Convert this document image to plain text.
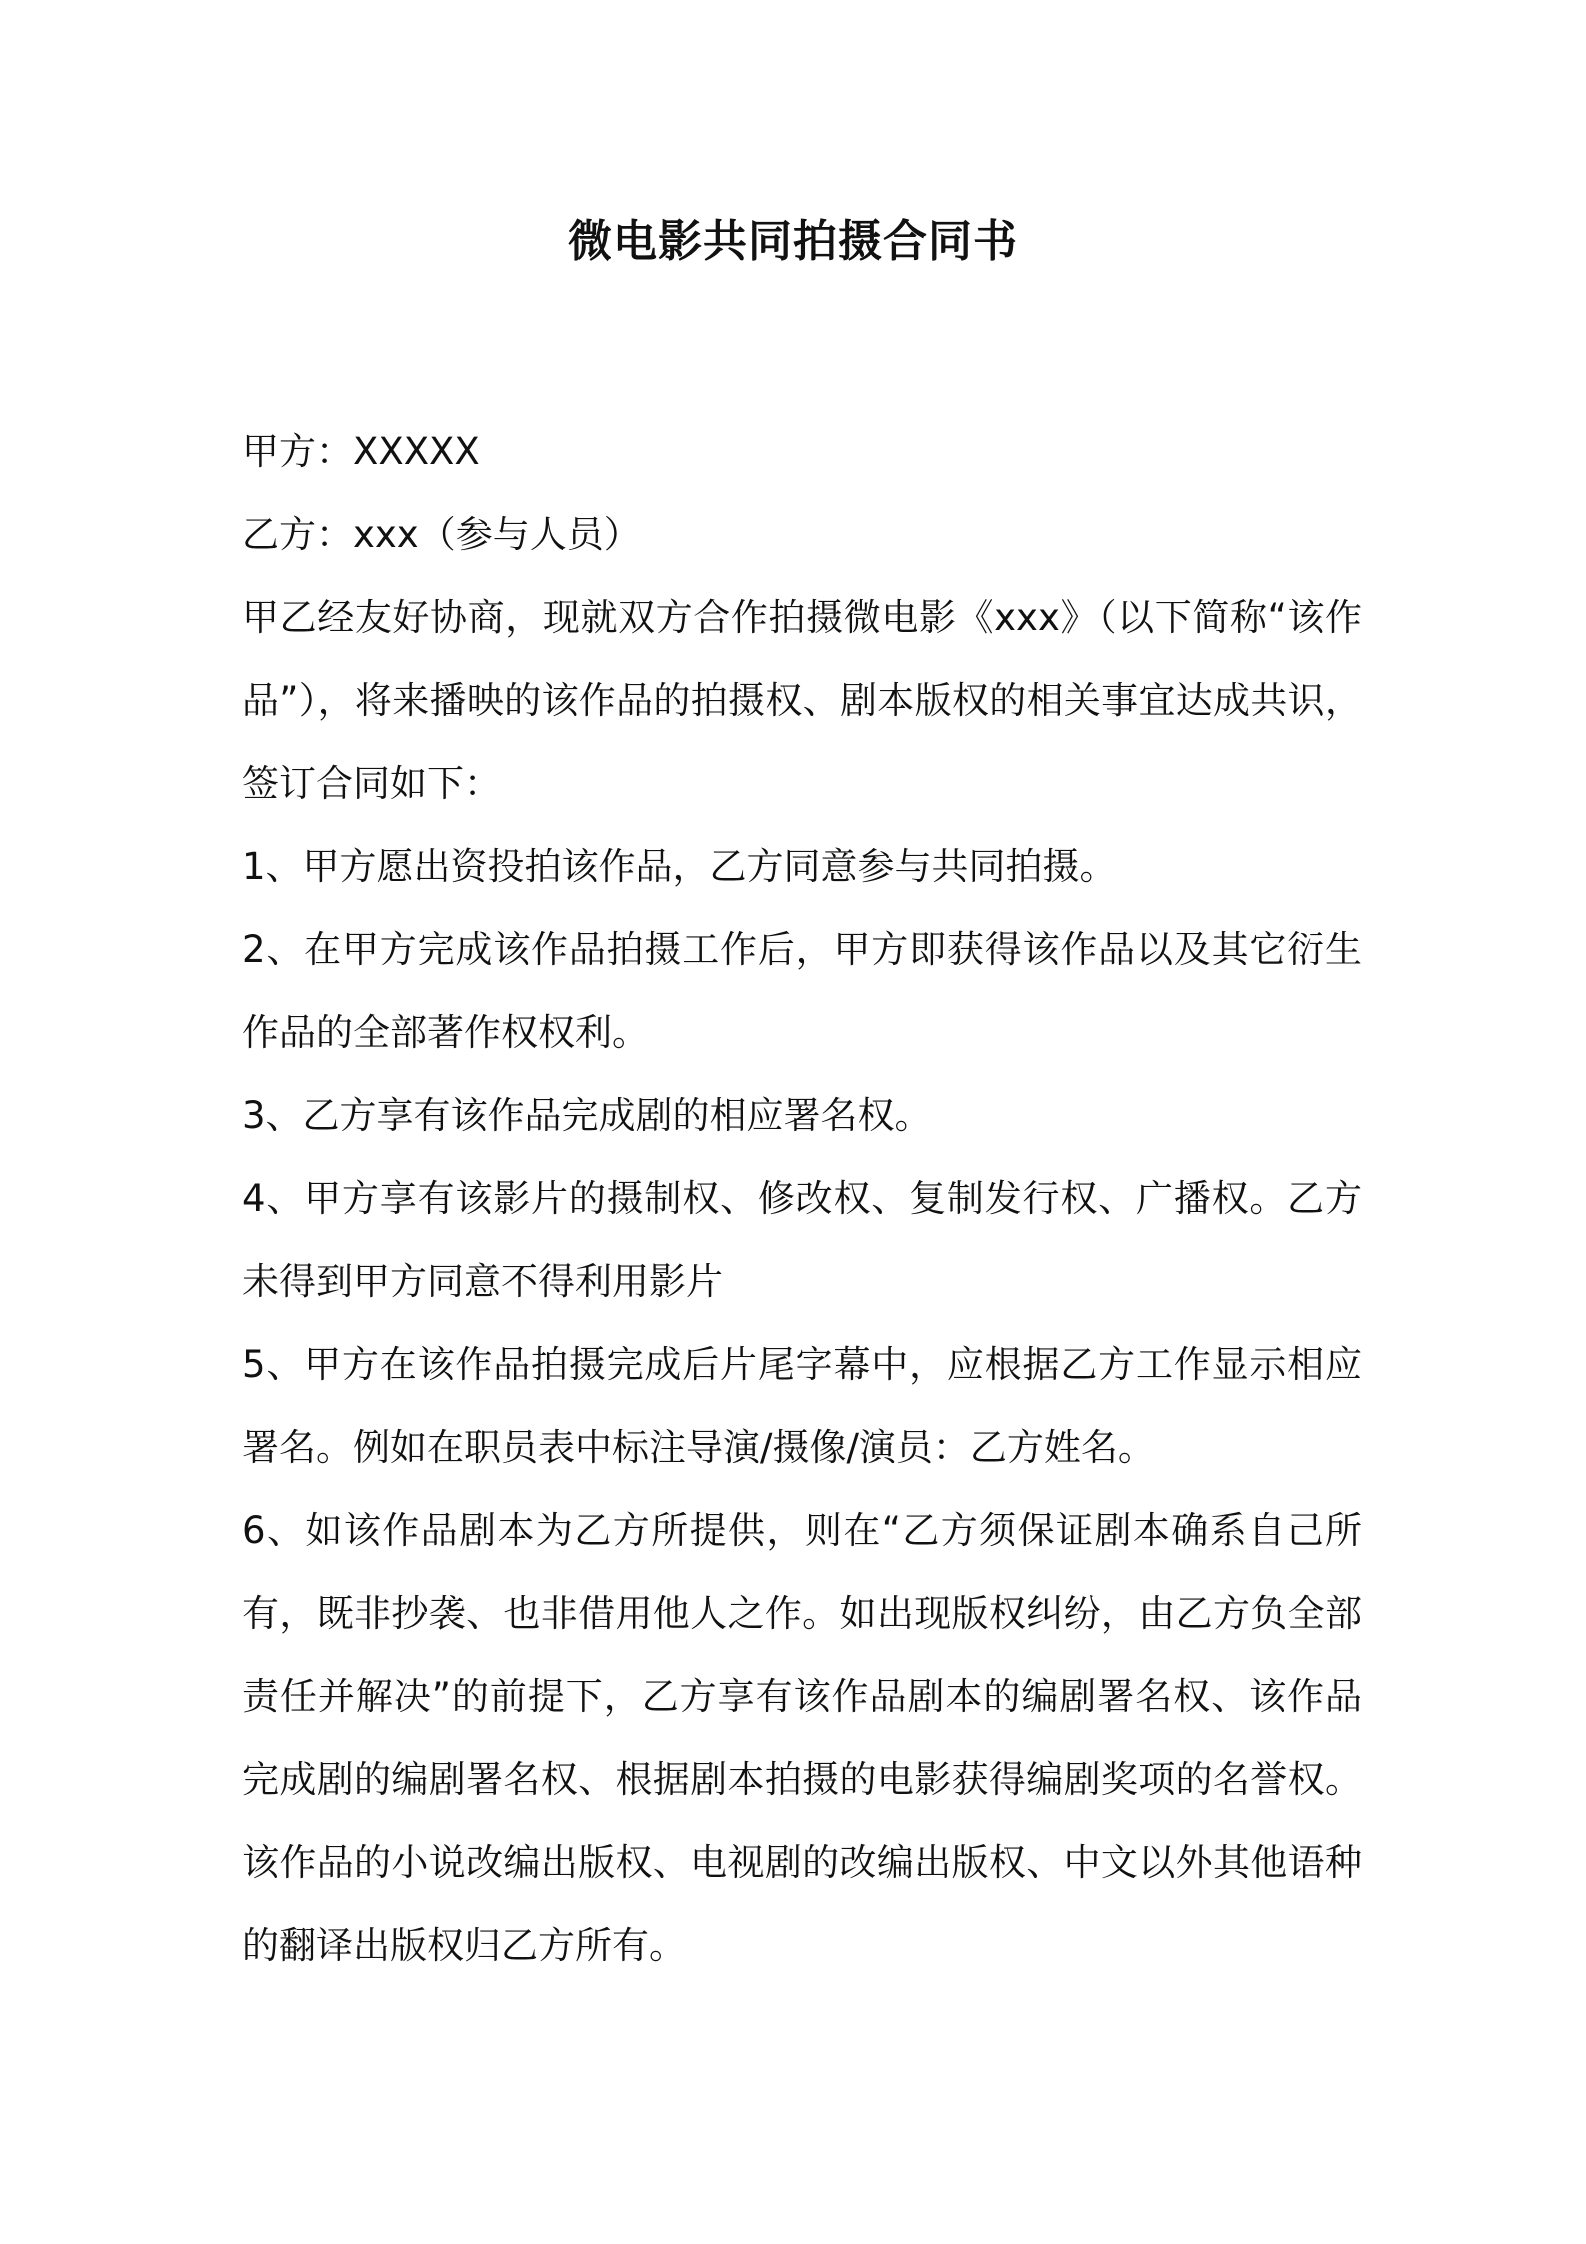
微电影共同拍摄合同书

甲方：XXXXX

乙方：xxx（参与人员）

甲乙经友好协商，现就双方合作拍摄微电影《xxx》（以下简称“该作品”），将来播映的该作品的拍摄权、剧本版权的相关事宜达成共识，签订合同如下：

1、甲方愿出资投拍该作品，乙方同意参与共同拍摄。

2、在甲方完成该作品拍摄工作后，甲方即获得该作品以及其它衍生作品的全部著作权权利。

3、乙方享有该作品完成剧的相应署名权。

4、甲方享有该影片的摄制权、修改权、复制发行权、广播权。乙方未得到甲方同意不得利用影片

5、甲方在该作品拍摄完成后片尾字幕中，应根据乙方工作显示相应署名。例如在职员表中标注导演/摄像/演员：乙方姓名。

6、如该作品剧本为乙方所提供，则在“乙方须保证剧本确系自己所有，既非抄袭、也非借用他人之作。如出现版权纠纷，由乙方负全部责任并解决”的前提下，乙方享有该作品剧本的编剧署名权、该作品完成剧的编剧署名权、根据剧本拍摄的电影获得编剧奖项的名誉权。该作品的小说改编出版权、电视剧的改编出版权、中文以外其他语种的翻译出版权归乙方所有。
